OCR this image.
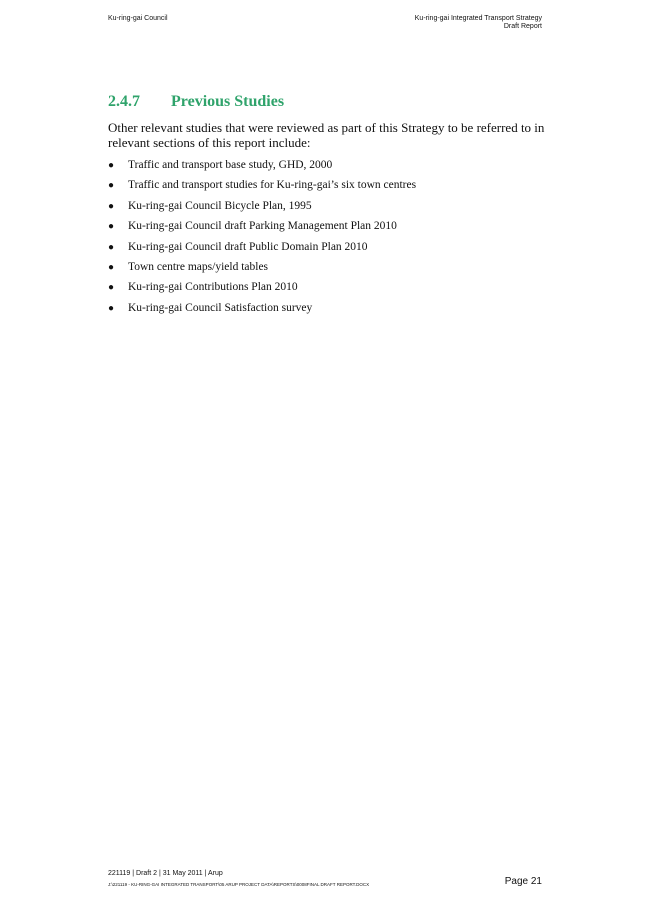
Ku-ring-gai Council	Ku-ring-gai Integrated Transport Strategy
Draft Report
2.4.7 Previous Studies
Other relevant studies that were reviewed as part of this Strategy to be referred to in relevant sections of this report include:
● Traffic and transport base study, GHD, 2000
● Traffic and transport studies for Ku-ring-gai’s six town centres
● Ku-ring-gai Council Bicycle Plan, 1995
● Ku-ring-gai Council draft Parking Management Plan 2010
● Ku-ring-gai Council draft Public Domain Plan 2010
● Town centre maps/yield tables
● Ku-ring-gai Contributions Plan 2010
● Ku-ring-gai Council Satisfaction survey
221119 | Draft 2 | 31 May 2011 | Arup
J:\221119 - KU-RING-GAI INTEGRATED TRANSPORT\05 ARUP PROJECT DATA\REPORTS\0008FINAL DRAFT REPORT.DOCX	Page 21
